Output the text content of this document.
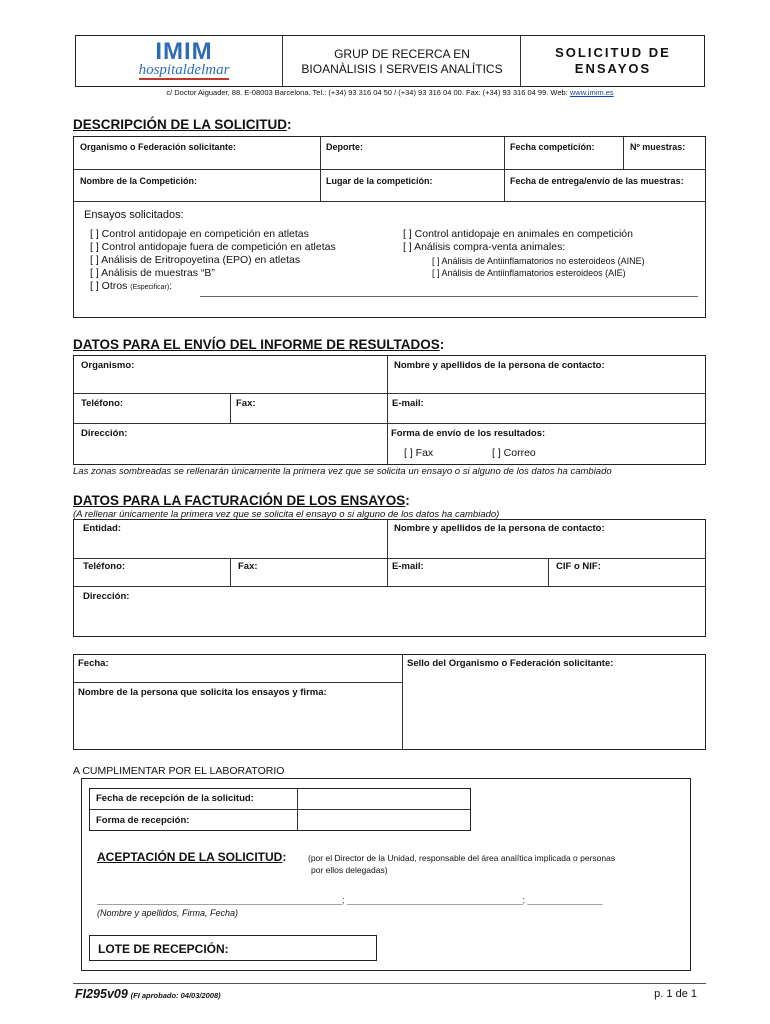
IMIM
hospitaldelmar
GRUP DE RECERCA EN
BIOANÀLISIS I SERVEIS ANALÍTICS
SOLICITUD DE
ENSAYOS
c/ Doctor Aiguader, 88. E-08003 Barcelona. Tel.: (+34) 93 316 04 50 / (+34) 93 316 04 00. Fax: (+34) 93 316 04 99. Web: www.imim.es
DESCRIPCIÓN DE LA SOLICITUD:
Organismo o Federación solicitante:	Deporte:	Fecha competición:	Nº muestras:
Nombre de la Competición:	Lugar de la competición:	Fecha de entrega/envío de las muestras:
Ensayos solicitados:
[ ] Control antidopaje en competición en atletas
[ ] Control antidopaje fuera de competición en atletas
[ ] Análisis de Eritropoyetina (EPO) en atletas
[ ] Análisis de muestras “B”
[ ] Otros (Especificar):
[ ] Control antidopaje en animales en competición
[ ] Análisis compra-venta animales:
[ ] Análisis de Antiinflamatorios no esteroideos (AINE)
[ ] Análisis de Antiinflamatorios esteroideos (AIE)
DATOS PARA EL ENVÍO DEL INFORME DE RESULTADOS:
Organismo:	Nombre y apellidos de la persona de contacto:
Teléfono:	Fax:	E-mail:
Dirección:	Forma de envío de los resultados:
[ ] Fax	[ ] Correo
Las zonas sombreadas se rellenarán únicamente la primera vez que se solicita un ensayo o si alguno de los datos ha cambiado
DATOS PARA LA FACTURACIÓN DE LOS ENSAYOS:
(A rellenar únicamente la primera vez que se solicita el ensayo o si alguno de los datos ha cambiado)
Entidad:	Nombre y apellidos de la persona de contacto:
Teléfono:	Fax:	E-mail:	CIF o NIF:
Dirección:
Fecha:	Sello del Organismo o Federación solicitante:
Nombre de la persona que solicita los ensayos y firma:
A CUMPLIMENTAR POR EL LABORATORIO
Fecha de recepción de la solicitud:
Forma de recepción:
ACEPTACIÓN DE LA SOLICITUD:	(por el Director de la Unidad, responsable del área analítica implicada o personas
por ellos delegadas)
_________________________________________________; ___________________________________; _______________
(Nombre y apellidos, Firma, Fecha)
LOTE DE RECEPCIÓN:
FI295v09 (FI aprobado: 04/03/2008)	p. 1 de 1
